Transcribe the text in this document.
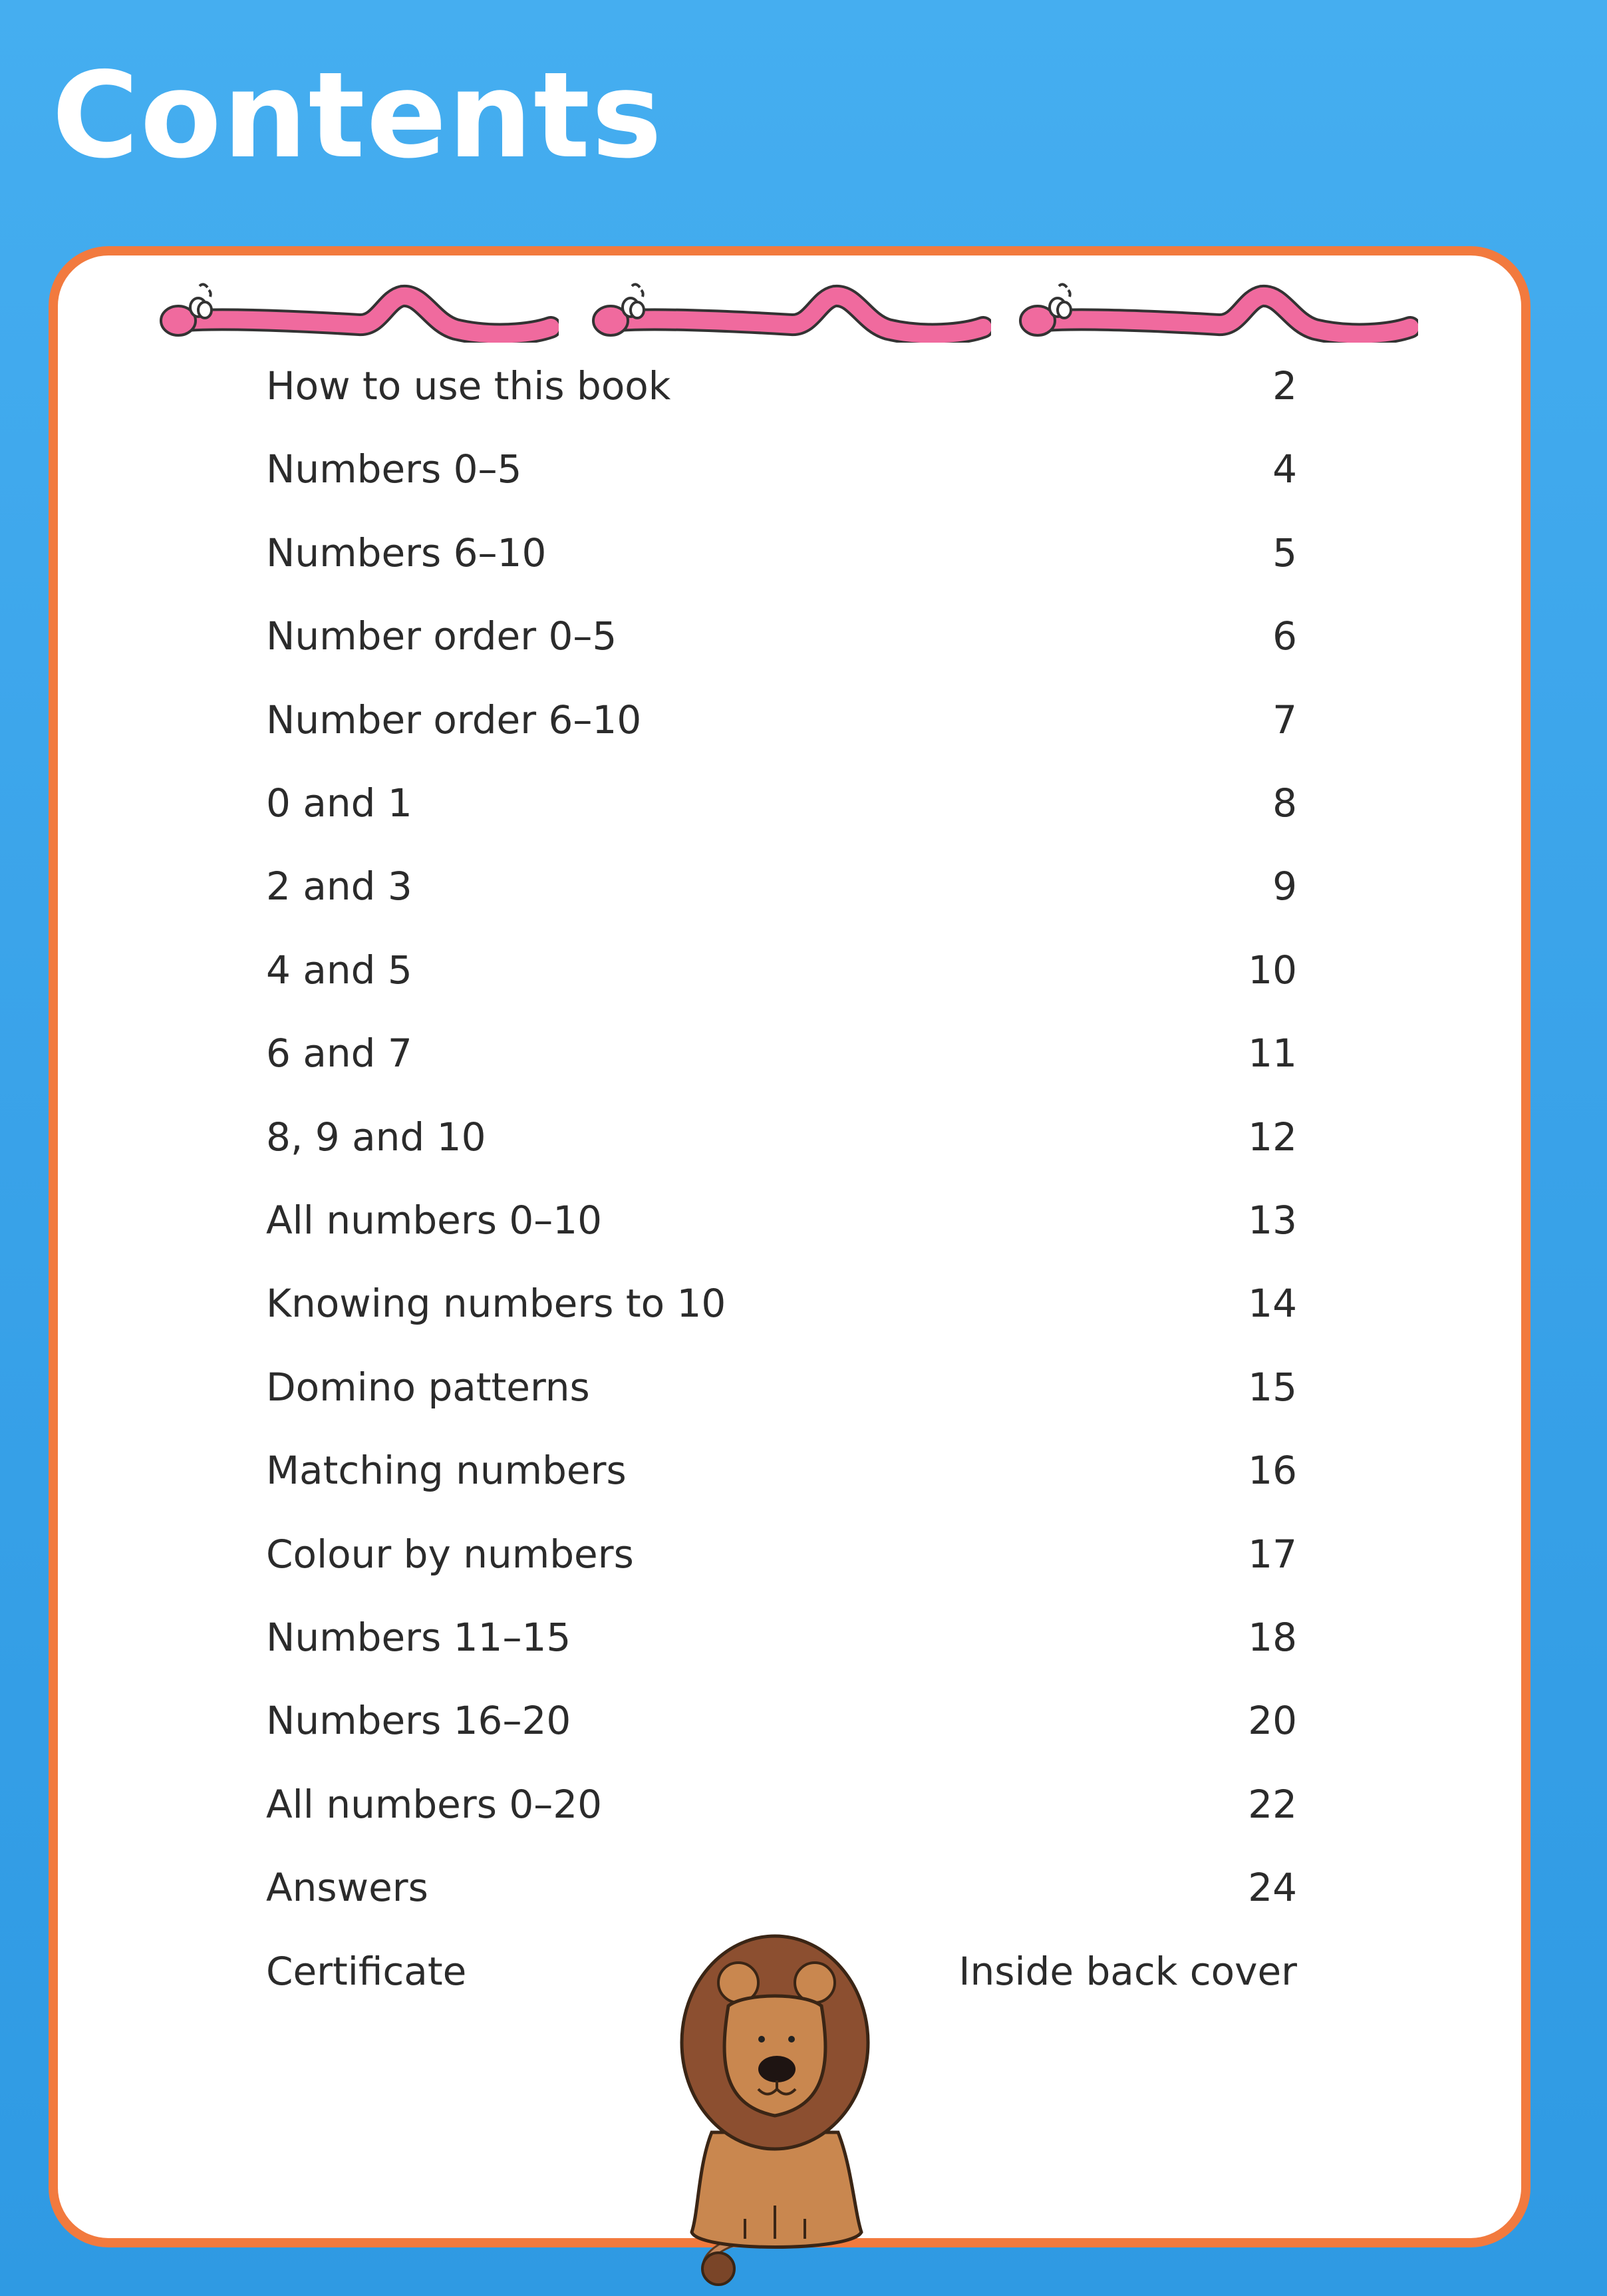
Contents
How to use this book	2
Numbers 0–5	4
Numbers 6–10	5
Number order 0–5	6
Number order 6–10	7
0 and 1	8
2 and 3	9
4 and 5	10
6 and 7	11
8, 9 and 10	12
All numbers 0–10	13
Knowing numbers to 10	14
Domino patterns	15
Matching numbers	16
Colour by numbers	17
Numbers 11–15	18
Numbers 16–20	20
All numbers 0–20	22
Answers	24
Certificate	Inside back cover
